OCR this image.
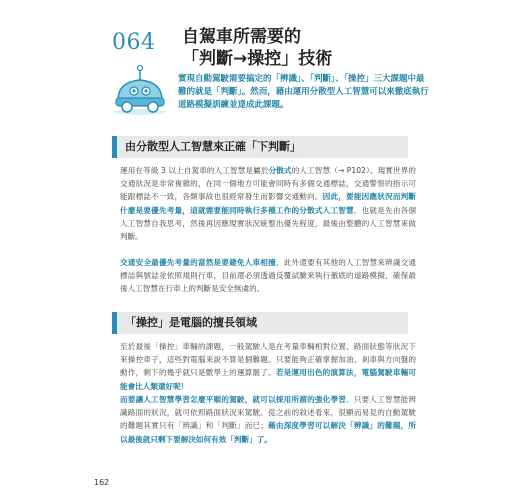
064 自駕車所需要的
「判斷→操控」技術
實現自動駕駛需要搞定的「辨識」、「判斷」、「操控」三大課題中最難的就是「判斷」。然而，藉由運用分散型人工智慧可以來徹底執行道路模擬訓練並達成此課題。
由分散型人工智慧來正確「下判斷」
運用在等級 3 以上自駕車的人工智慧是屬於分散式的人工智慧（→ P102）。現實世界的交通狀況是非常複雜的，在同一個地方可能會同時有多個交通標誌，交通警察的指示可能跟標誌不一致，各類事故也很經常發生而影響交通動向。因此，要能因應狀況而判斷什麼是要優先考量，這就需要能同時執行多種工作的分散式人工智慧。也就是先由各個人工智慧自我思考，然後再因應現實狀況統整出優先程度，最後由整體的人工智慧來做判斷。
交通安全最優先考量的當然是要避免人車相撞，此外還要有其他的人工智慧來辨識交通標誌與號誌並依照規則行車，目前還必須透過反覆試驗來執行徹底的道路模擬，確保最後人工智慧在行車上的判斷是安全無虞的。
「操控」是電腦的擅長領域
至於最後「操控」車輛的課題，一般駕駛人是在考量車輛相對位置、路面狀態等狀況下來操控車子，這些對電腦來說不算是個難題。只要能夠正確掌握加油、剎車與方向盤的動作，剩下的幾乎就只是數學上的運算罷了。若是運用出色的演算法，電腦駕駛車輛可能會比人類還好呢！
而要讓人工智慧學習怎麼平順的駕駛，就可以採用所謂的強化學習。只要人工智慧能辨識路面的狀況，就可依照路面狀況來駕駛。從之前的敘述看來，很顯而易見的自動駕駛的難題其實只有「辨識」和「判斷」而已；藉由深度學習可以解決「辨識」的難題，所以最後就只剩下要解決如何有效「判斷」了。
162
